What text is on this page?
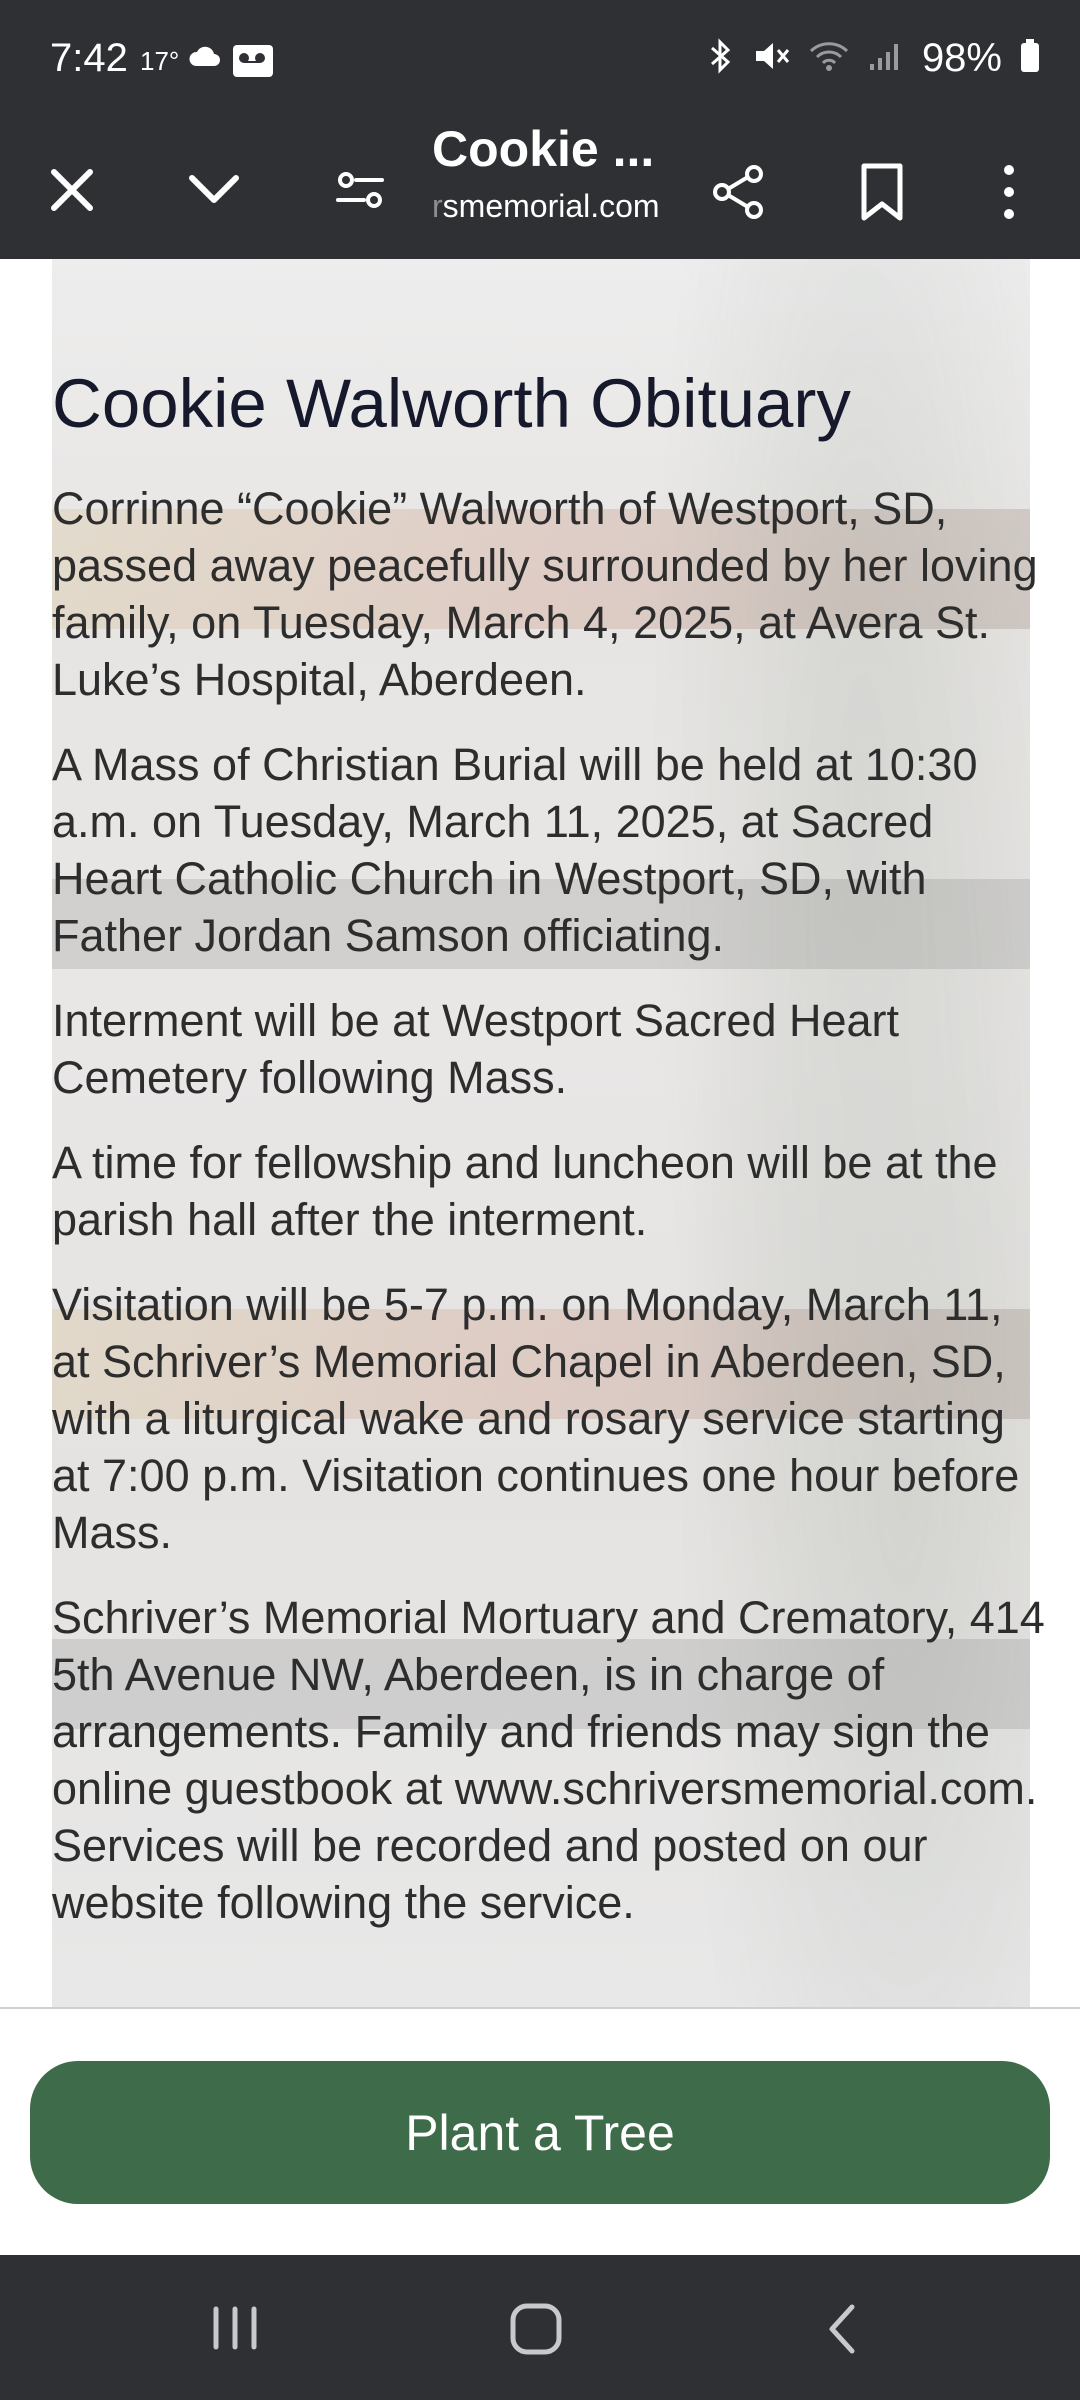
7:42 17°	98%
Cookie ...
rsmemorial.com
Cookie Walworth Obituary

Corrinne “Cookie” Walworth of Westport, SD, passed away peacefully surrounded by her loving family, on Tuesday, March 4, 2025, at Avera St. Luke’s Hospital, Aberdeen.

A Mass of Christian Burial will be held at 10:30 a.m. on Tuesday, March 11, 2025, at Sacred Heart Catholic Church in Westport, SD, with Father Jordan Samson officiating.

Interment will be at Westport Sacred Heart Cemetery following Mass.

A time for fellowship and luncheon will be at the parish hall after the interment.

Visitation will be 5-7 p.m. on Monday, March 11, at Schriver’s Memorial Chapel in Aberdeen, SD, with a liturgical wake and rosary service starting at 7:00 p.m. Visitation continues one hour before Mass.

Schriver’s Memorial Mortuary and Crematory, 414 5th Avenue NW, Aberdeen, is in charge of arrangements. Family and friends may sign the online guestbook at www.schriversmemorial.com. Services will be recorded and posted on our website following the service.

Plant a Tree
